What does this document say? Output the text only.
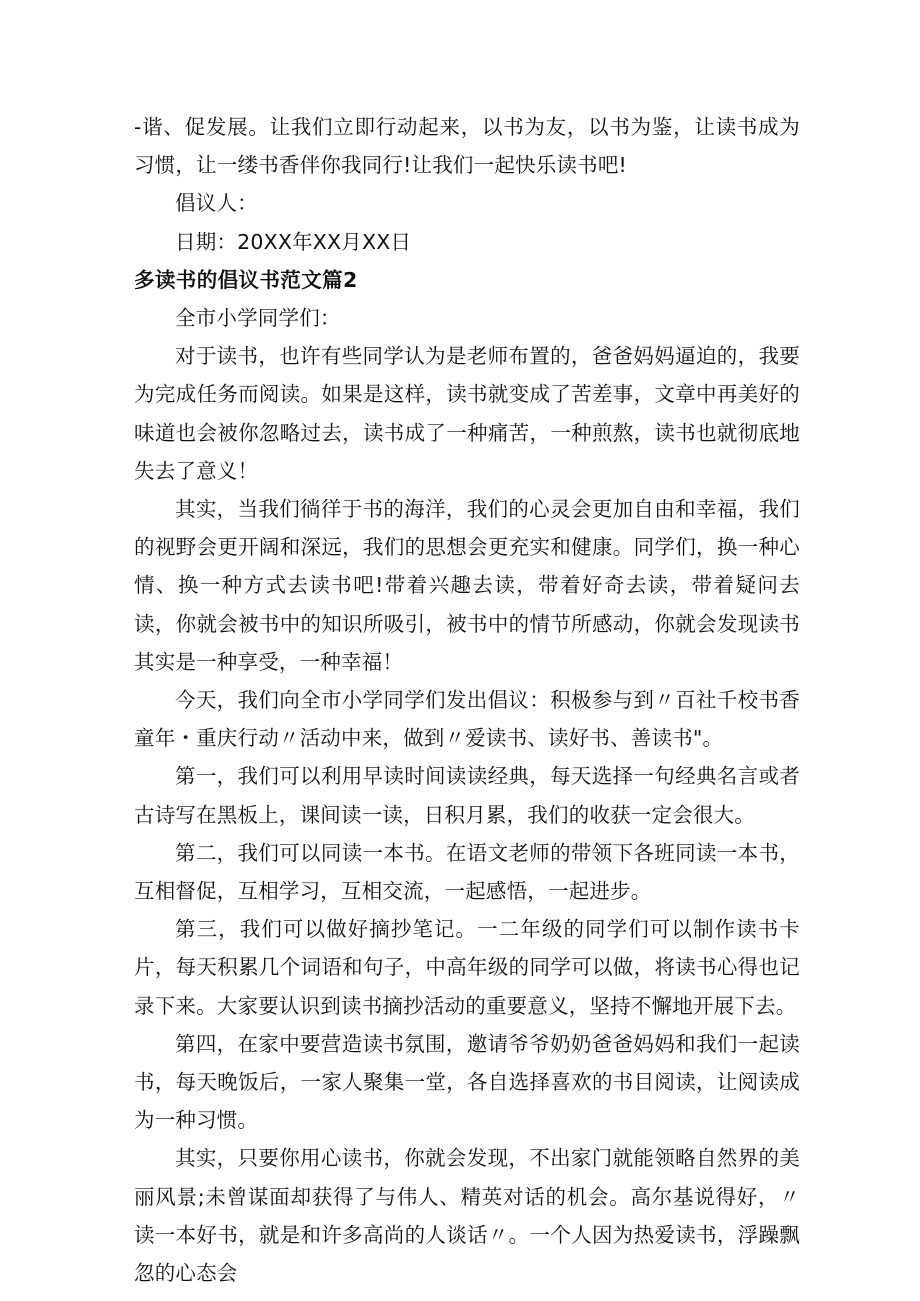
-谐、促发展。让我们立即行动起来，以书为友，以书为鉴，让读书成为习惯，让一缕书香伴你我同行!让我们一起快乐读书吧!

倡议人：

日期：20XX年XX月XX日

多读书的倡议书范文篇2

全市小学同学们：

对于读书，也许有些同学认为是老师布置的，爸爸妈妈逼迫的，我要为完成任务而阅读。如果是这样，读书就变成了苦差事，文章中再美好的味道也会被你忽略过去，读书成了一种痛苦，一种煎熬，读书也就彻底地失去了意义！

其实，当我们徜徉于书的海洋，我们的心灵会更加自由和幸福，我们的视野会更开阔和深远，我们的思想会更充实和健康。同学们，换一种心情、换一种方式去读书吧!带着兴趣去读，带着好奇去读，带着疑问去读，你就会被书中的知识所吸引，被书中的情节所感动，你就会发现读书其实是一种享受，一种幸福！

今天，我们向全市小学同学们发出倡议：积极参与到〃百社千校书香童年・重庆行动〃活动中来，做到〃爱读书、读好书、善读书"。

第一，我们可以利用早读时间读读经典，每天选择一句经典名言或者古诗写在黑板上，课间读一读，日积月累，我们的收获一定会很大。

第二，我们可以同读一本书。在语文老师的带领下各班同读一本书，互相督促，互相学习，互相交流，一起感悟，一起进步。

第三，我们可以做好摘抄笔记。一二年级的同学们可以制作读书卡片，每天积累几个词语和句子，中高年级的同学可以做，将读书心得也记录下来。大家要认识到读书摘抄活动的重要意义，坚持不懈地开展下去。

第四，在家中要营造读书氛围，邀请爷爷奶奶爸爸妈妈和我们一起读书，每天晚饭后，一家人聚集一堂，各自选择喜欢的书目阅读，让阅读成为一种习惯。

其实，只要你用心读书，你就会发现，不出家门就能领略自然界的美丽风景;未曾谋面却获得了与伟人、精英对话的机会。高尔基说得好，〃读一本好书，就是和许多高尚的人谈话〃。一个人因为热爱读书，浮躁飘忽的心态会
